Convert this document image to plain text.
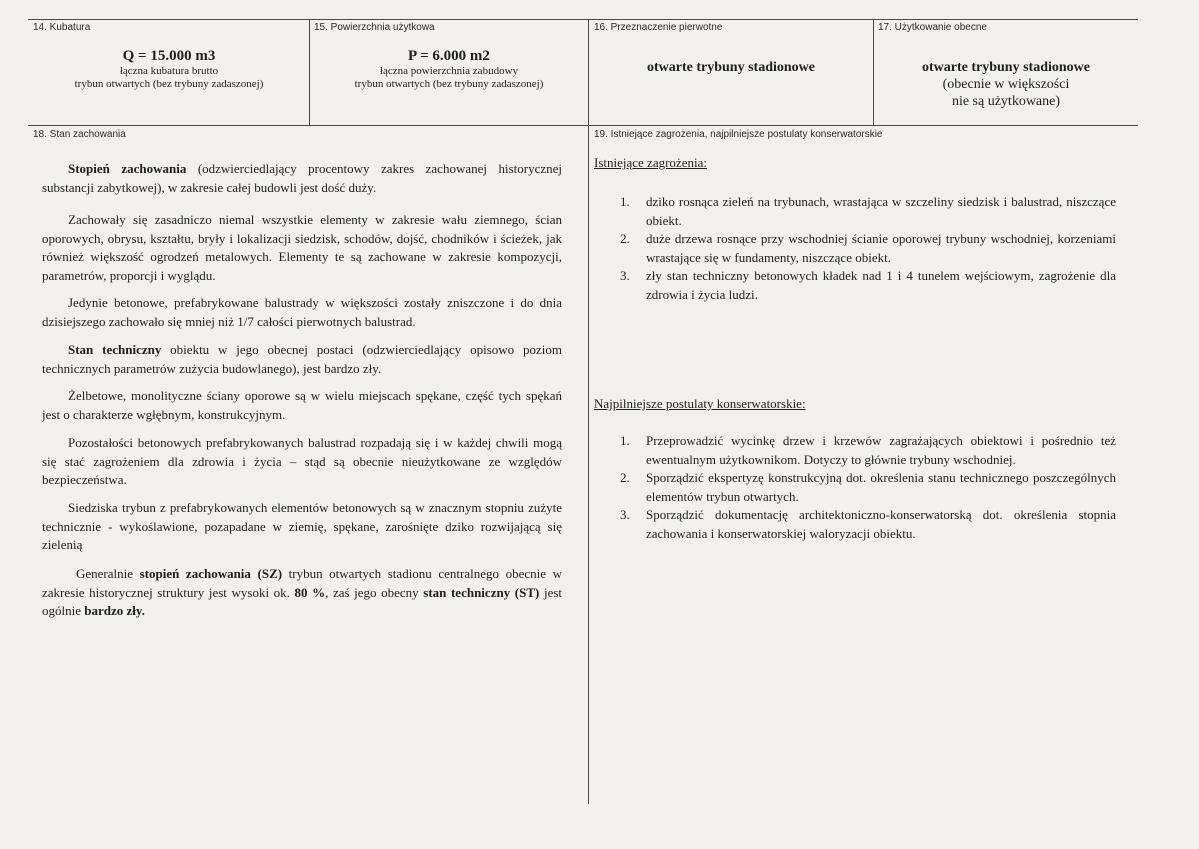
14. Kubatura
Q = 15.000 m3
łączna kubatura brutto
trybun otwartych (bez trybuny zadaszonej)
15. Powierzchnia użytkowa
P = 6.000 m2
łączna powierzchnia zabudowy
trybun otwartych (bez trybuny zadaszonej)
16. Przeznaczenie pierwotne
otwarte trybuny stadionowe
17. Użytkowanie obecne
otwarte trybuny stadionowe
(obecnie w większości
nie są użytkowane)
18. Stan zachowania

Stopień zachowania (odzwierciedlający procentowy zakres zachowanej historycznej substancji zabytkowej), w zakresie całej budowli jest dość duży.

Zachowały się zasadniczo niemal wszystkie elementy w zakresie wału ziemnego, ścian oporowych, obrysu, kształtu, bryły i lokalizacji siedzisk, schodów, dojść, chodników i ścieżek, jak również większość ogrodzeń metalowych. Elementy te są zachowane w zakresie kompozycji, parametrów, proporcji i wyglądu.

Jedynie betonowe, prefabrykowane balustrady w większości zostały zniszczone i do dnia dzisiejszego zachowało się mniej niż 1/7 całości pierwotnych balustrad.

Stan techniczny obiektu w jego obecnej postaci (odzwierciedlający opisowo poziom technicznych parametrów zużycia budowlanego), jest bardzo zły.

Żelbetowe, monolityczne ściany oporowe są w wielu miejscach spękane, część tych spękań jest o charakterze wgłębnym, konstrukcyjnym.

Pozostałości betonowych prefabrykowanych balustrad rozpadają się i w każdej chwili mogą się stać zagrożeniem dla zdrowia i życia – stąd są obecnie nieużytkowane ze względów bezpieczeństwa.

Siedziska trybun z prefabrykowanych elementów betonowych są w znacznym stopniu zużyte technicznie - wykoślawione, pozapadane w ziemię, spękane, zarośnięte dziko rozwijającą się zielenią

Generalnie stopień zachowania (SZ) trybun otwartych stadionu centralnego obecnie w zakresie historycznej struktury jest wysoki ok. 80 %, zaś jego obecny stan techniczny (ST) jest ogólnie bardzo zły.

19. Istniejące zagrożenia, najpilniejsze postulaty konserwatorskie
Istniejące zagrożenia:
1. dziko rosnąca zieleń na trybunach, wrastająca w szczeliny siedzisk i balustrad, niszczące obiekt.
2. duże drzewa rosnące przy wschodniej ścianie oporowej trybuny wschodniej, korzeniami wrastające się w fundamenty, niszczące obiekt.
3. zły stan techniczny betonowych kładek nad 1 i 4 tunelem wejściowym, zagrożenie dla zdrowia i życia ludzi.
Najpilniejsze postulaty konserwatorskie:
1. Przeprowadzić wycinkę drzew i krzewów zagrażających obiektowi i pośrednio też ewentualnym użytkownikom. Dotyczy to głównie trybuny wschodniej.
2. Sporządzić ekspertyzę konstrukcyjną dot. określenia stanu technicznego poszczególnych elementów trybun otwartych.
3. Sporządzić dokumentację architektoniczno-konserwatorską dot. określenia stopnia zachowania i konserwatorskiej waloryzacji obiektu.
